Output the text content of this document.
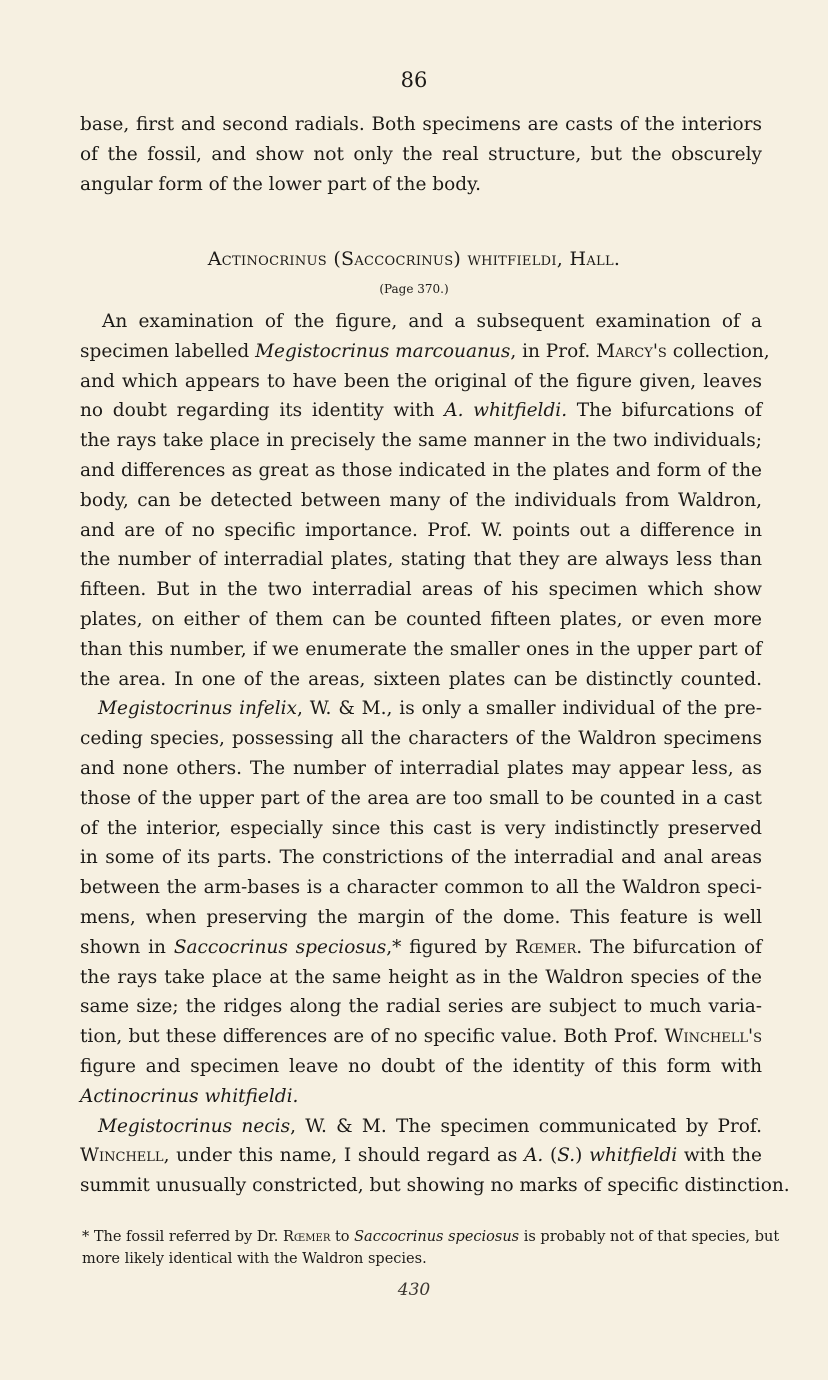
86
base, first and second radials. Both specimens are casts of the interiors
of the fossil, and show not only the real structure, but the obscurely
angular form of the lower part of the body.
Actinocrinus (Saccocrinus) whitfieldi, Hall.
(Page 370.)
An examination of the figure, and a subsequent examination of a
specimen labelled Megistocrinus marcouanus, in Prof. Marcy's collection,
and which appears to have been the original of the figure given, leaves
no doubt regarding its identity with A. whitfieldi. The bifurcations of
the rays take place in precisely the same manner in the two individuals;
and differences as great as those indicated in the plates and form of the
body, can be detected between many of the individuals from Waldron,
and are of no specific importance. Prof. W. points out a difference in
the number of interradial plates, stating that they are always less than
fifteen. But in the two interradial areas of his specimen which show
plates, on either of them can be counted fifteen plates, or even more
than this number, if we enumerate the smaller ones in the upper part of
the area. In one of the areas, sixteen plates can be distinctly counted.
Megistocrinus infelix, W. & M., is only a smaller individual of the pre-
ceding species, possessing all the characters of the Waldron specimens
and none others. The number of interradial plates may appear less, as
those of the upper part of the area are too small to be counted in a cast
of the interior, especially since this cast is very indistinctly preserved
in some of its parts. The constrictions of the interradial and anal areas
between the arm-bases is a character common to all the Waldron speci-
mens, when preserving the margin of the dome. This feature is well
shown in Saccocrinus speciosus,* figured by Rœmer. The bifurcation of
the rays take place at the same height as in the Waldron species of the
same size; the ridges along the radial series are subject to much varia-
tion, but these differences are of no specific value. Both Prof. Winchell's
figure and specimen leave no doubt of the identity of this form with
Actinocrinus whitfieldi.
Megistocrinus necis, W. & M. The specimen communicated by Prof.
Winchell, under this name, I should regard as A. (S.) whitfieldi with the
summit unusually constricted, but showing no marks of specific distinction.
* The fossil referred by Dr. Rœmer to Saccocrinus speciosus is probably not of that species, but
more likely identical with the Waldron species.
430
